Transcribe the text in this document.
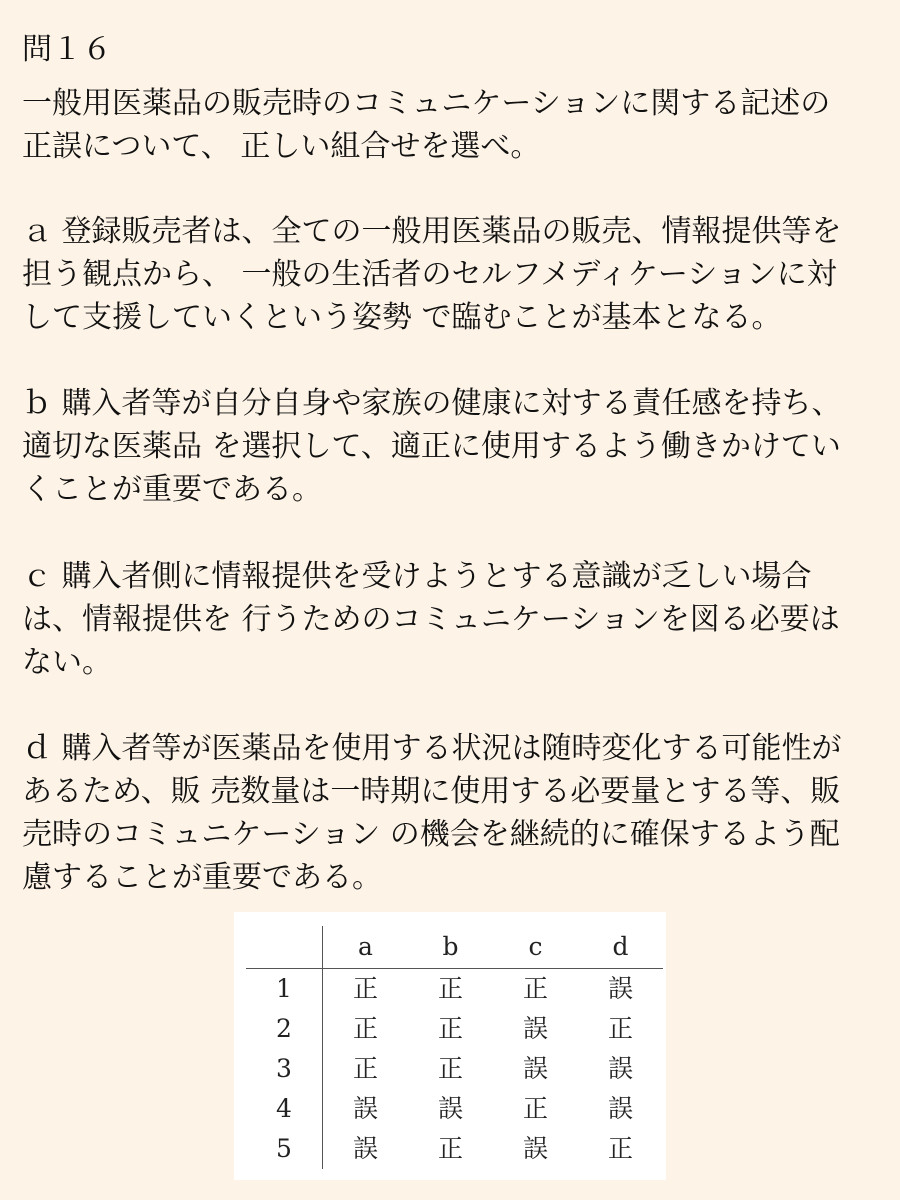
問１６
一般用医薬品の販売時のコミュニケーションに関する記述の
正誤について、 正しい組合せを選べ。
ａ 登録販売者は、全ての一般用医薬品の販売、情報提供等を
担う観点から、 一般の生活者のセルフメディケーションに対
して支援していくという姿勢 で臨むことが基本となる。
ｂ 購入者等が自分自身や家族の健康に対する責任感を持ち、
適切な医薬品 を選択して、適正に使用するよう働きかけてい
くことが重要である。
ｃ 購入者側に情報提供を受けようとする意識が乏しい場合
は、情報提供を 行うためのコミュニケーションを図る必要は
ない。
ｄ 購入者等が医薬品を使用する状況は随時変化する可能性が
あるため、販 売数量は一時期に使用する必要量とする等、販
売時のコミュニケーション の機会を継続的に確保するよう配
慮することが重要である。
	a	b	c	d
1	正	正	正	誤
2	正	正	誤	正
3	正	正	誤	誤
4	誤	誤	正	誤
5	誤	正	誤	正
